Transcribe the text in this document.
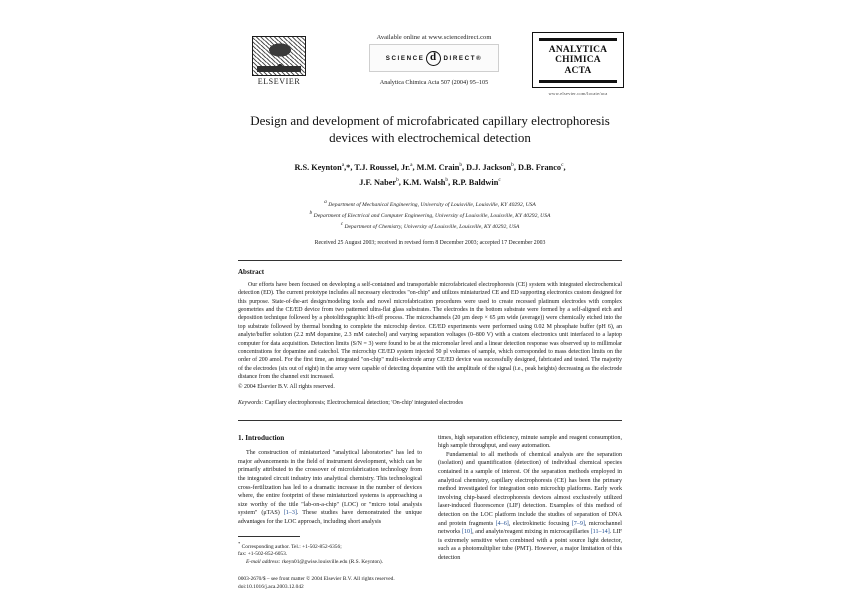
ELSEVIER
Available online at www.sciencedirect.com
SCIENCE d	DIRECT®
Analytica Chimica Acta 507 (2004) 95–105
ANALYTICA
CHIMICA
ACTA
www.elsevier.com/locate/aca
Design and development of microfabricated capillary electrophoresis devices with electrochemical detection
R.S. Keynton$^a$,*, T.J. Roussel, Jr.$^a$, M.M. Crain$^b$, D.J. Jackson$^b$, D.B. Franco$^c$,
J.F. Naber$^b$, K.M. Walsh$^b$, R.P. Baldwin$^c$
$^a$ Department of Mechanical Engineering, University of Louisville, Louisville, KY 40292, USA
$^b$ Department of Electrical and Computer Engineering, University of Louisville, Louisville, KY 40292, USA
$^c$ Department of Chemistry, University of Louisville, Louisville, KY 40292, USA
Received 25 August 2003; received in revised form 8 December 2003; accepted 17 December 2003
Abstract
Our efforts have been focused on developing a self-contained and transportable microfabricated electrophoresis (CE) system with integrated electrochemical detection (ED). The current prototype includes all necessary electrodes "on-chip" and utilizes miniaturized CE and ED supporting electronics custom designed for this purpose. State-of-the-art design/modeling tools and novel microfabrication procedures were used to create recessed platinum electrodes with complex geometries and the CE/ED device from two patterned ultra-flat glass substrates. The electrodes in the bottom substrate were formed by a self-aligned etch and deposition technique followed by a photolithographic lift-off process. The microchannels (20 μm deep × 65 μm wide (average)) were chemically etched into the top substrate followed by thermal bonding to complete the microchip device. CE/ED experiments were performed using 0.02 M phosphate buffer (pH 6), an analyte/buffer solution (2.2 mM dopamine, 2.3 mM catechol) and varying separation voltages (0–800 V) with a custom electronics unit interfaced to a laptop computer for data acquisition. Detection limits (S/N = 3) were found to be at the micromolar level and a linear detection response was observed up to millimolar concentrations for dopamine and catechol. The microchip CE/ED system injected 50 pl volumes of sample, which corresponded to mass detection limits on the order of 200 amol. For the first time, an integrated "on-chip" multi-electrode array CE/ED device was successfully designed, fabricated and tested. The majority of the electrodes (six out of eight) in the array were capable of detecting dopamine with the amplitude of the signal (i.e., peak heights) decreasing as the electrode distance from the channel exit increased.
© 2004 Elsevier B.V. All rights reserved.
Keywords: Capillary electrophoresis; Electrochemical detection; 'On-chip' integrated electrodes
1. Introduction

The construction of miniaturized "analytical laboratories" has led to major advancements in the field of instrument development, which can be primarily attributed to the crossover of microfabrication technology from the integrated circuit industry into analytical chemistry. This technological cross-fertilization has led to a dramatic increase in the number of devices where, the entire footprint of these miniaturized systems is approaching a size worthy of the title "lab-on-a-chip" (LOC) or "micro total analysis system" (μTAS) [1–3]. These studies have demonstrated the unique advantages for the LOC approach, including short analysis

* Corresponding author. Tel.: +1-502-852-6356;
fax: +1-502-852-6053.
E-mail address: rkeyn01@gwise.louisville.edu (R.S. Keynton).
0003-2670/$ – see front matter © 2004 Elsevier B.V. All rights reserved.
doi:10.1016/j.aca.2003.12.042

times, high separation efficiency, minute sample and reagent consumption, high sample throughput, and easy automation.

Fundamental to all methods of chemical analysis are the separation (isolation) and quantification (detection) of individual chemical species contained in a sample of interest. Of the separation methods employed in analytical chemistry, capillary electrophoresis (CE) has been the primary method investigated for integration onto microchip platforms. Early work involving chip-based electrophoresis devices almost exclusively utilized laser-induced fluorescence (LIF) detection. Examples of this method of detection on the LOC platform include the studies of separation of DNA and protein fragments [4–6], electrokinetic focusing [7–9], microchannel networks [10], and analyte/reagent mixing in microcapillaries [11–14]. LIF is extremely sensitive when combined with a point source light detector, such as a photomultiplier tube (PMT). However, a major limitation of this detection
